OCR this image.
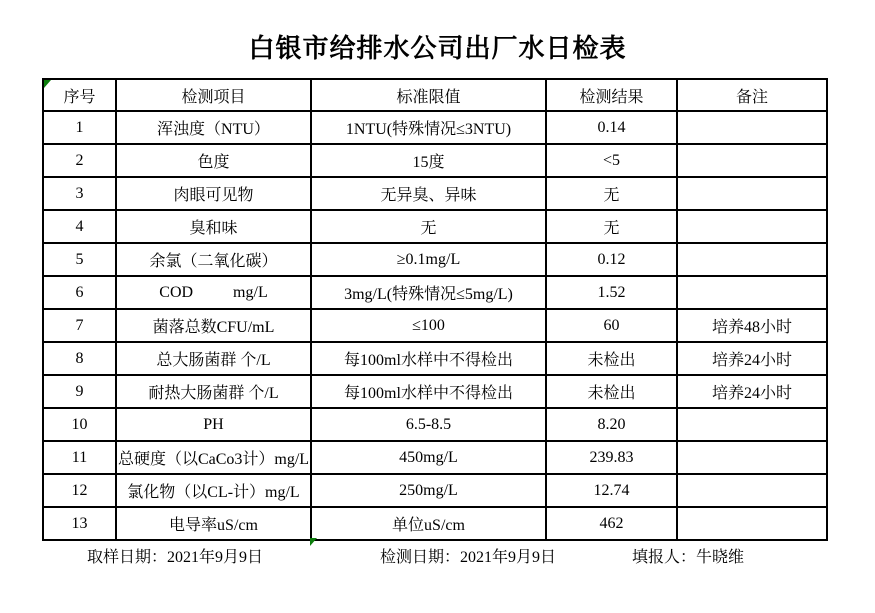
白银市给排水公司出厂水日检表
序号	检测项目	标准限值	检测结果	备注
1	浑浊度（NTU）	1NTU(特殊情况≤3NTU)	0.14	
2	色度	15度	<5	
3	肉眼可见物	无异臭、异味	无	
4	臭和味	无	无	
5	余氯（二氧化碳）	≥0.1mg/L	0.12	
6	COD          mg/L	3mg/L(特殊情况≤5mg/L)	1.52	
7	菌落总数CFU/mL	≤100	60	培养48小时
8	总大肠菌群 个/L	每100ml水样中不得检出	未检出	培养24小时
9	耐热大肠菌群 个/L	每100ml水样中不得检出	未检出	培养24小时
10	PH	6.5-8.5	8.20	
11	总硬度（以CaCo3计）mg/L	450mg/L	239.83	
12	氯化物（以CL-计）mg/L	250mg/L	12.74	
13	电导率uS/cm	单位uS/cm	462	
取样日期：2021年9月9日	检测日期：2021年9月9日	填报人：牛晓维
